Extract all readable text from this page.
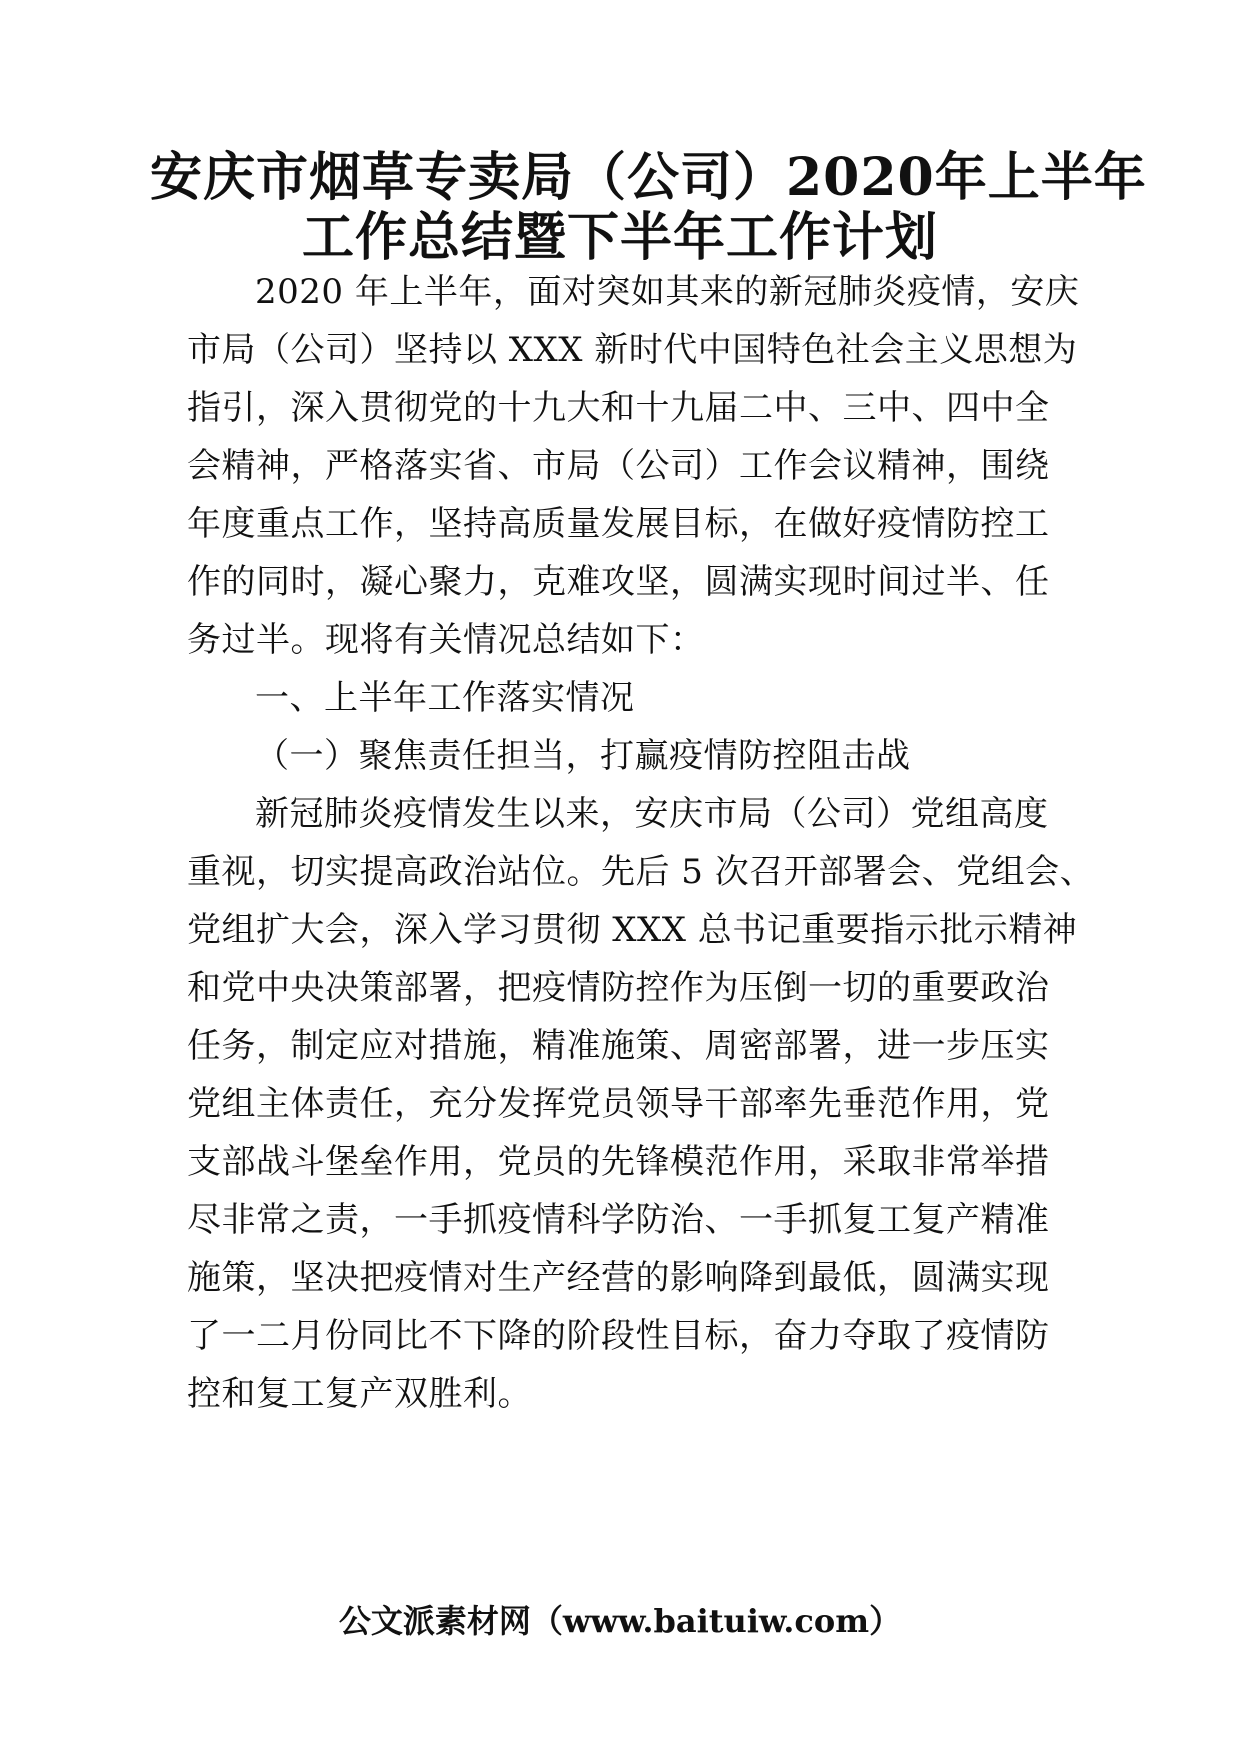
安庆市烟草专卖局（公司）2020年上半年
工作总结暨下半年工作计划
2020 年上半年，面对突如其来的新冠肺炎疫情，安庆
市局（公司）坚持以 XXX 新时代中国特色社会主义思想为
指引，深入贯彻党的十九大和十九届二中、三中、四中全
会精神，严格落实省、市局（公司）工作会议精神，围绕
年度重点工作，坚持高质量发展目标，在做好疫情防控工
作的同时，凝心聚力，克难攻坚，圆满实现时间过半、任
务过半。现将有关情况总结如下：
一、上半年工作落实情况
（一）聚焦责任担当，打赢疫情防控阻击战
新冠肺炎疫情发生以来，安庆市局（公司）党组高度
重视，切实提高政治站位。先后 5 次召开部署会、党组会、
党组扩大会，深入学习贯彻 XXX 总书记重要指示批示精神
和党中央决策部署，把疫情防控作为压倒一切的重要政治
任务，制定应对措施，精准施策、周密部署，进一步压实
党组主体责任，充分发挥党员领导干部率先垂范作用，党
支部战斗堡垒作用，党员的先锋模范作用，采取非常举措
尽非常之责，一手抓疫情科学防治、一手抓复工复产精准
施策，坚决把疫情对生产经营的影响降到最低，圆满实现
了一二月份同比不下降的阶段性目标，奋力夺取了疫情防
控和复工复产双胜利。
公文派素材网（www.baituiw.com）
